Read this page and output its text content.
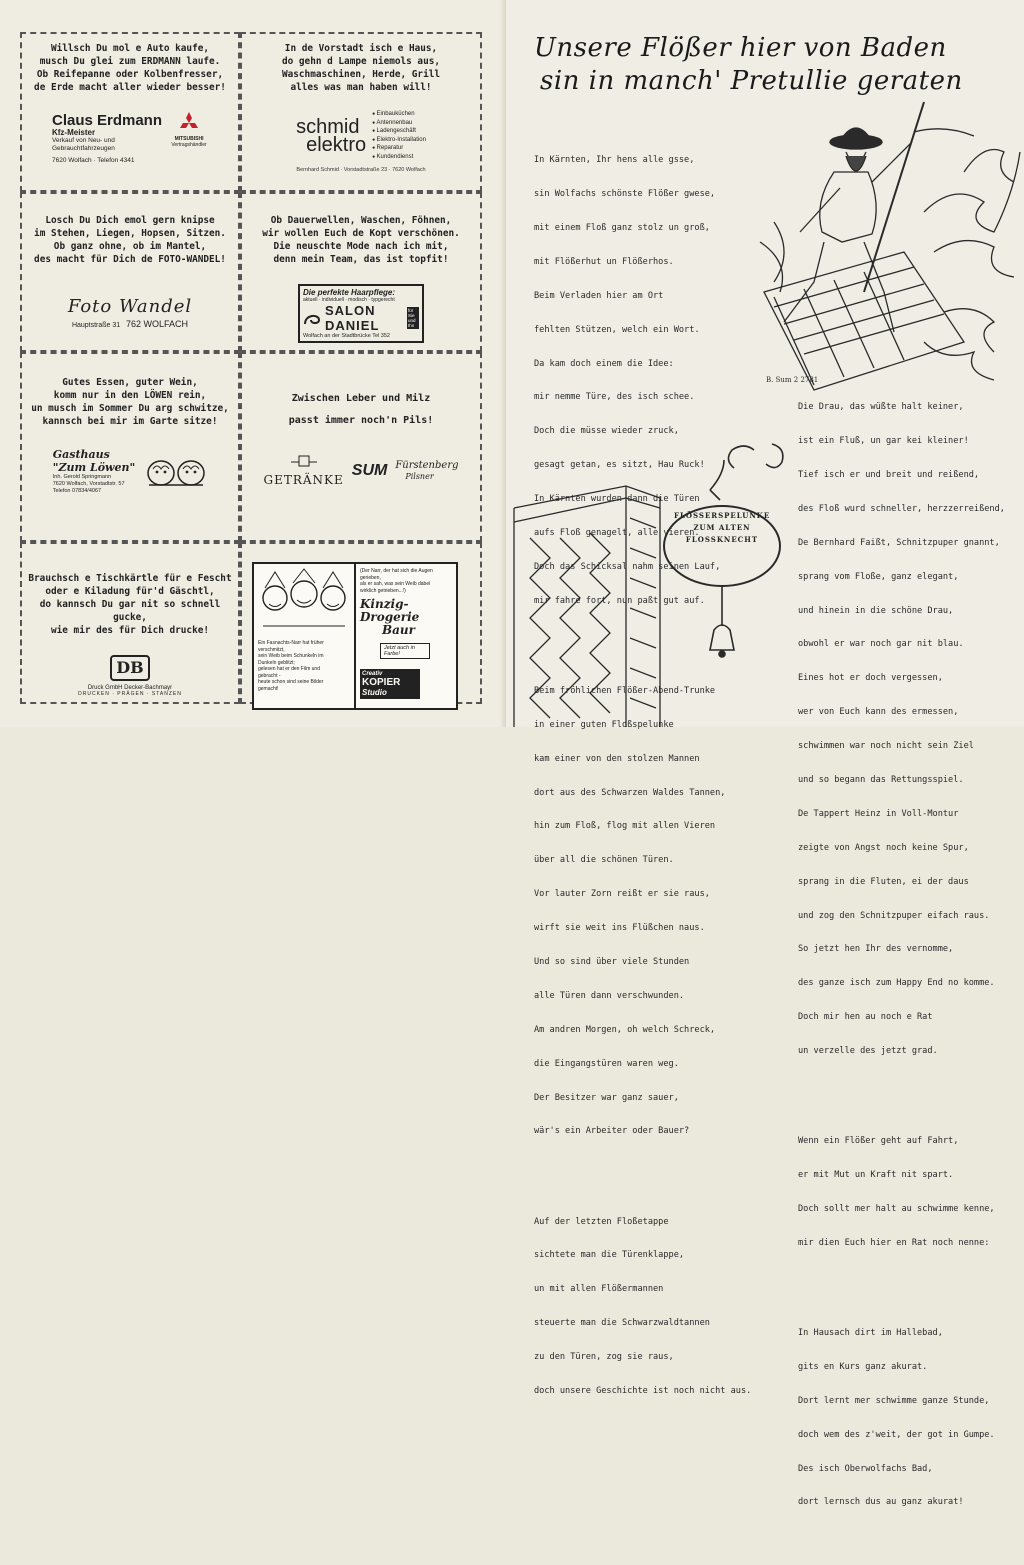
Willsch Du mol e Auto kaufe,
musch Du glei zum ERDMANN laufe.
Ob Reifepanne oder Kolbenfresser,
de Erde macht aller wieder besser!
Claus Erdmann
Kfz-Meister
Verkauf von Neu- und
Gebrauchtfahrzeugen
7620 Wolfach · Telefon 4341
MITSUBISHI
Vertragshändler
In de Vorstadt isch e Haus,
do gehn d Lampe niemols aus,
Waschmaschinen, Herde, Grill
alles was man haben will!
schmid
elektro
● Einbauküchen
● Antennenbau
● Ladengeschäft
● Elektro-Installation
● Reparatur
● Kundendienst
Bernhard Schmid · Vorstadtstraße 23 · 7620 Wolfach
Losch Du Dich emol gern knipse
im Stehen, Liegen, Hopsen, Sitzen.
Ob ganz ohne, ob im Mantel,
des macht für Dich de FOTO-WANDEL!
Foto Wandel
Hauptstraße 31 762 WOLFACH
Ob Dauerwellen, Waschen, Föhnen,
wir wollen Euch de Kopt verschönen.
Die neuschte Mode nach ich mit,
denn mein Team, das ist topfit!
Die perfekte Haarpflege:
aktuell · individuell · modisch · typgerecht
SALON DANIEL
für Sie und Ihn
Wolfach an der Stadtbrücke Tel 352
Gutes Essen, guter Wein,
komm nur in den LÖWEN rein,
un musch im Sommer Du arg schwitze,
kannsch bei mir im Garte sitze!
Gasthaus
"Zum Löwen"
Inh. Gerold Springmann
7620 Wolfach, Vorstadtstr. 57
Telefon 07834/4067
Zwischen Leber und Milz
passt immer noch'n Pils!
GETRÄNKE
SUM Fürstenberg
Pilsner
Brauchsch e Tischkärtle für e Fescht
oder e Kiladung für'd Gäschtl,
do kannsch Du gar nit so schnell gucke,
wie mir des für Dich drucke!
DB
Druck GmbH Decker-Bachmayr
DRUCKEN · PRÄGEN · STANZEN
Ein Fasnachts-Narr hat früher
verschmitzt,
sein Weib beim Schunkeln im
Dunkeln geblitzt;
gelesen hat er den Film und
gebracht -
heute schon sind seine Bilder
gemacht!
(Der Narr, der hat sich die Augen
gerieben,
als er sah, was sein Weib dabei
wirklich getrieben...!)
Kinzig-Drogerie
Baur
Jetzt auch in Farbe!
Creativ
KOPIER
Studio
Unsere Flößer hier von Baden
sin in manch' Pretullie geraten
B. Sum 2 2781
FLÖSSERSPELUNKE
ZUM ALTEN
FLOSSKNECHT

In Kärnten, Ihr hens alle gsse,

sin Wolfachs schönste Flößer gwese,

mit einem Floß ganz stolz un groß,

mit Flößerhut un Flößerhos.

Beim Verladen hier am Ort

fehlten Stützen, welch ein Wort.

Da kam doch einem die Idee:

mir nemme Türe, des isch schee.

Doch die müsse wieder zruck,

gesagt getan, es sitzt, Hau Ruck!

In Kärnten wurden dann die Türen

aufs Floß genagelt, alle vieren.

Doch das Schicksal nahm seinen Lauf,

mir fahre fort, nun paßt gut auf.

Beim fröhlichen Flößer-Abend-Trunke

in einer guten Floßspelunke

kam einer von den stolzen Mannen

dort aus des Schwarzen Waldes Tannen,

hin zum Floß, flog mit allen Vieren

über all die schönen Türen.

Vor lauter Zorn reißt er sie raus,

wirft sie weit ins Flüßchen naus.

Und so sind über viele Stunden

alle Türen dann verschwunden.

Am andren Morgen, oh welch Schreck,

die Eingangstüren waren weg.

Der Besitzer war ganz sauer,

wär's ein Arbeiter oder Bauer?

Auf der letzten Floßetappe

sichtete man die Türenklappe,

un mit allen Flößermannen

steuerte man die Schwarzwaldtannen

zu den Türen, zog sie raus,

doch unsere Geschichte ist noch nicht aus.

Die Drau, das wüßte halt keiner,

ist ein Fluß, un gar kei kleiner!

Tief isch er und breit und reißend,

des Floß wurd schneller, herzzerreißend,

De Bernhard Faißt, Schnitzpuper gnannt,

sprang vom Floße, ganz elegant,

und hinein in die schöne Drau,

obwohl er war noch gar nit blau.

Eines hot er doch vergessen,

wer von Euch kann des ermessen,

schwimmen war noch nicht sein Ziel

und so begann das Rettungsspiel.

De Tappert Heinz in Voll-Montur

zeigte von Angst noch keine Spur,

sprang in die Fluten, ei der daus

und zog den Schnitzpuper eifach raus.

So jetzt hen Ihr des vernomme,

des ganze isch zum Happy End no komme.

Doch mir hen au noch e Rat

un verzelle des jetzt grad.

Wenn ein Flößer geht auf Fahrt,

er mit Mut un Kraft nit spart.

Doch sollt mer halt au schwimme kenne,

mir dien Euch hier en Rat noch nenne:

In Hausach dirt im Hallebad,

gits en Kurs ganz akurat.

Dort lernt mer schwimme ganze Stunde,

doch wem des z'weit, der got in Gumpe.

Des isch Oberwolfachs Bad,

dort lernsch dus au ganz akurat!
